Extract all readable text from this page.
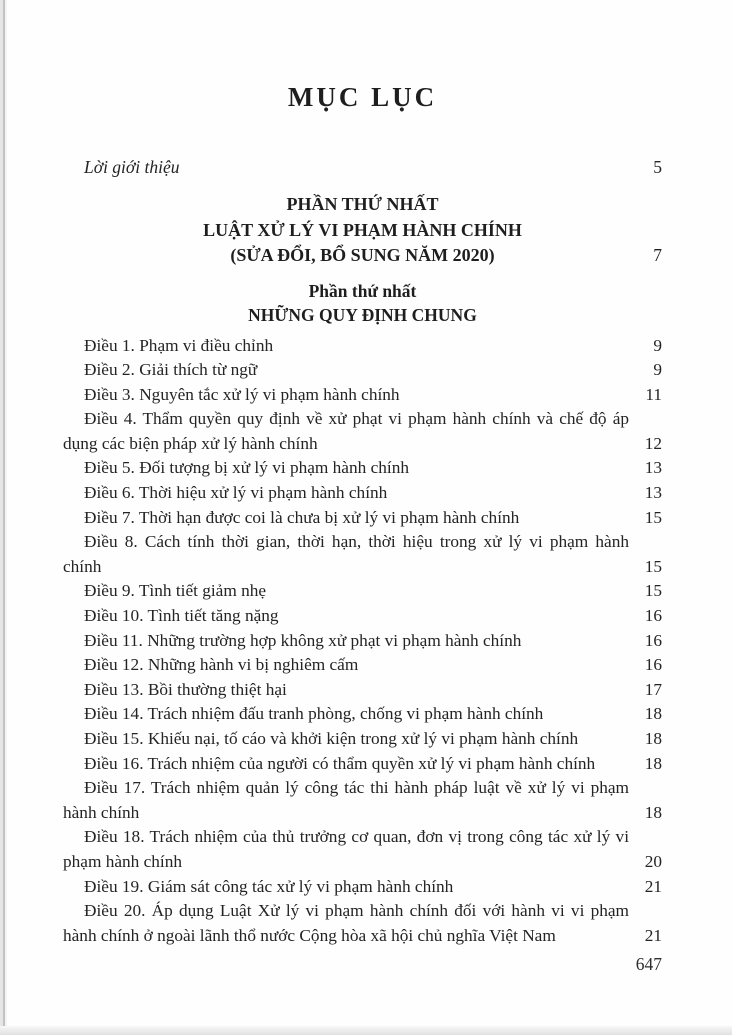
MỤC LỤC
Lời giới thiệu	5
PHẦN THỨ NHẤT
LUẬT XỬ LÝ VI PHẠM HÀNH CHÍNH
(SỬA ĐỔI, BỔ SUNG NĂM 2020)	7
Phần thứ nhất
NHỮNG QUY ĐỊNH CHUNG
Điều 1. Phạm vi điều chỉnh	9
Điều 2. Giải thích từ ngữ	9
Điều 3. Nguyên tắc xử lý vi phạm hành chính	11
Điều 4. Thẩm quyền quy định về xử phạt vi phạm hành chính và chế độ áp dụng các biện pháp xử lý hành chính	12
Điều 5. Đối tượng bị xử lý vi phạm hành chính	13
Điều 6. Thời hiệu xử lý vi phạm hành chính	13
Điều 7. Thời hạn được coi là chưa bị xử lý vi phạm hành chính	15
Điều 8. Cách tính thời gian, thời hạn, thời hiệu trong xử lý vi phạm hành chính	15
Điều 9. Tình tiết giảm nhẹ	15
Điều 10. Tình tiết tăng nặng	16
Điều 11. Những trường hợp không xử phạt vi phạm hành chính	16
Điều 12. Những hành vi bị nghiêm cấm	16
Điều 13. Bồi thường thiệt hại	17
Điều 14. Trách nhiệm đấu tranh phòng, chống vi phạm hành chính	18
Điều 15. Khiếu nại, tố cáo và khởi kiện trong xử lý vi phạm hành chính	18
Điều 16. Trách nhiệm của người có thẩm quyền xử lý vi phạm hành chính	18
Điều 17. Trách nhiệm quản lý công tác thi hành pháp luật về xử lý vi phạm hành chính	18
Điều 18. Trách nhiệm của thủ trưởng cơ quan, đơn vị trong công tác xử lý vi phạm hành chính	20
Điều 19. Giám sát công tác xử lý vi phạm hành chính	21
Điều 20. Áp dụng Luật Xử lý vi phạm hành chính đối với hành vi vi phạm hành chính ở ngoài lãnh thổ nước Cộng hòa xã hội chủ nghĩa Việt Nam	21
647
